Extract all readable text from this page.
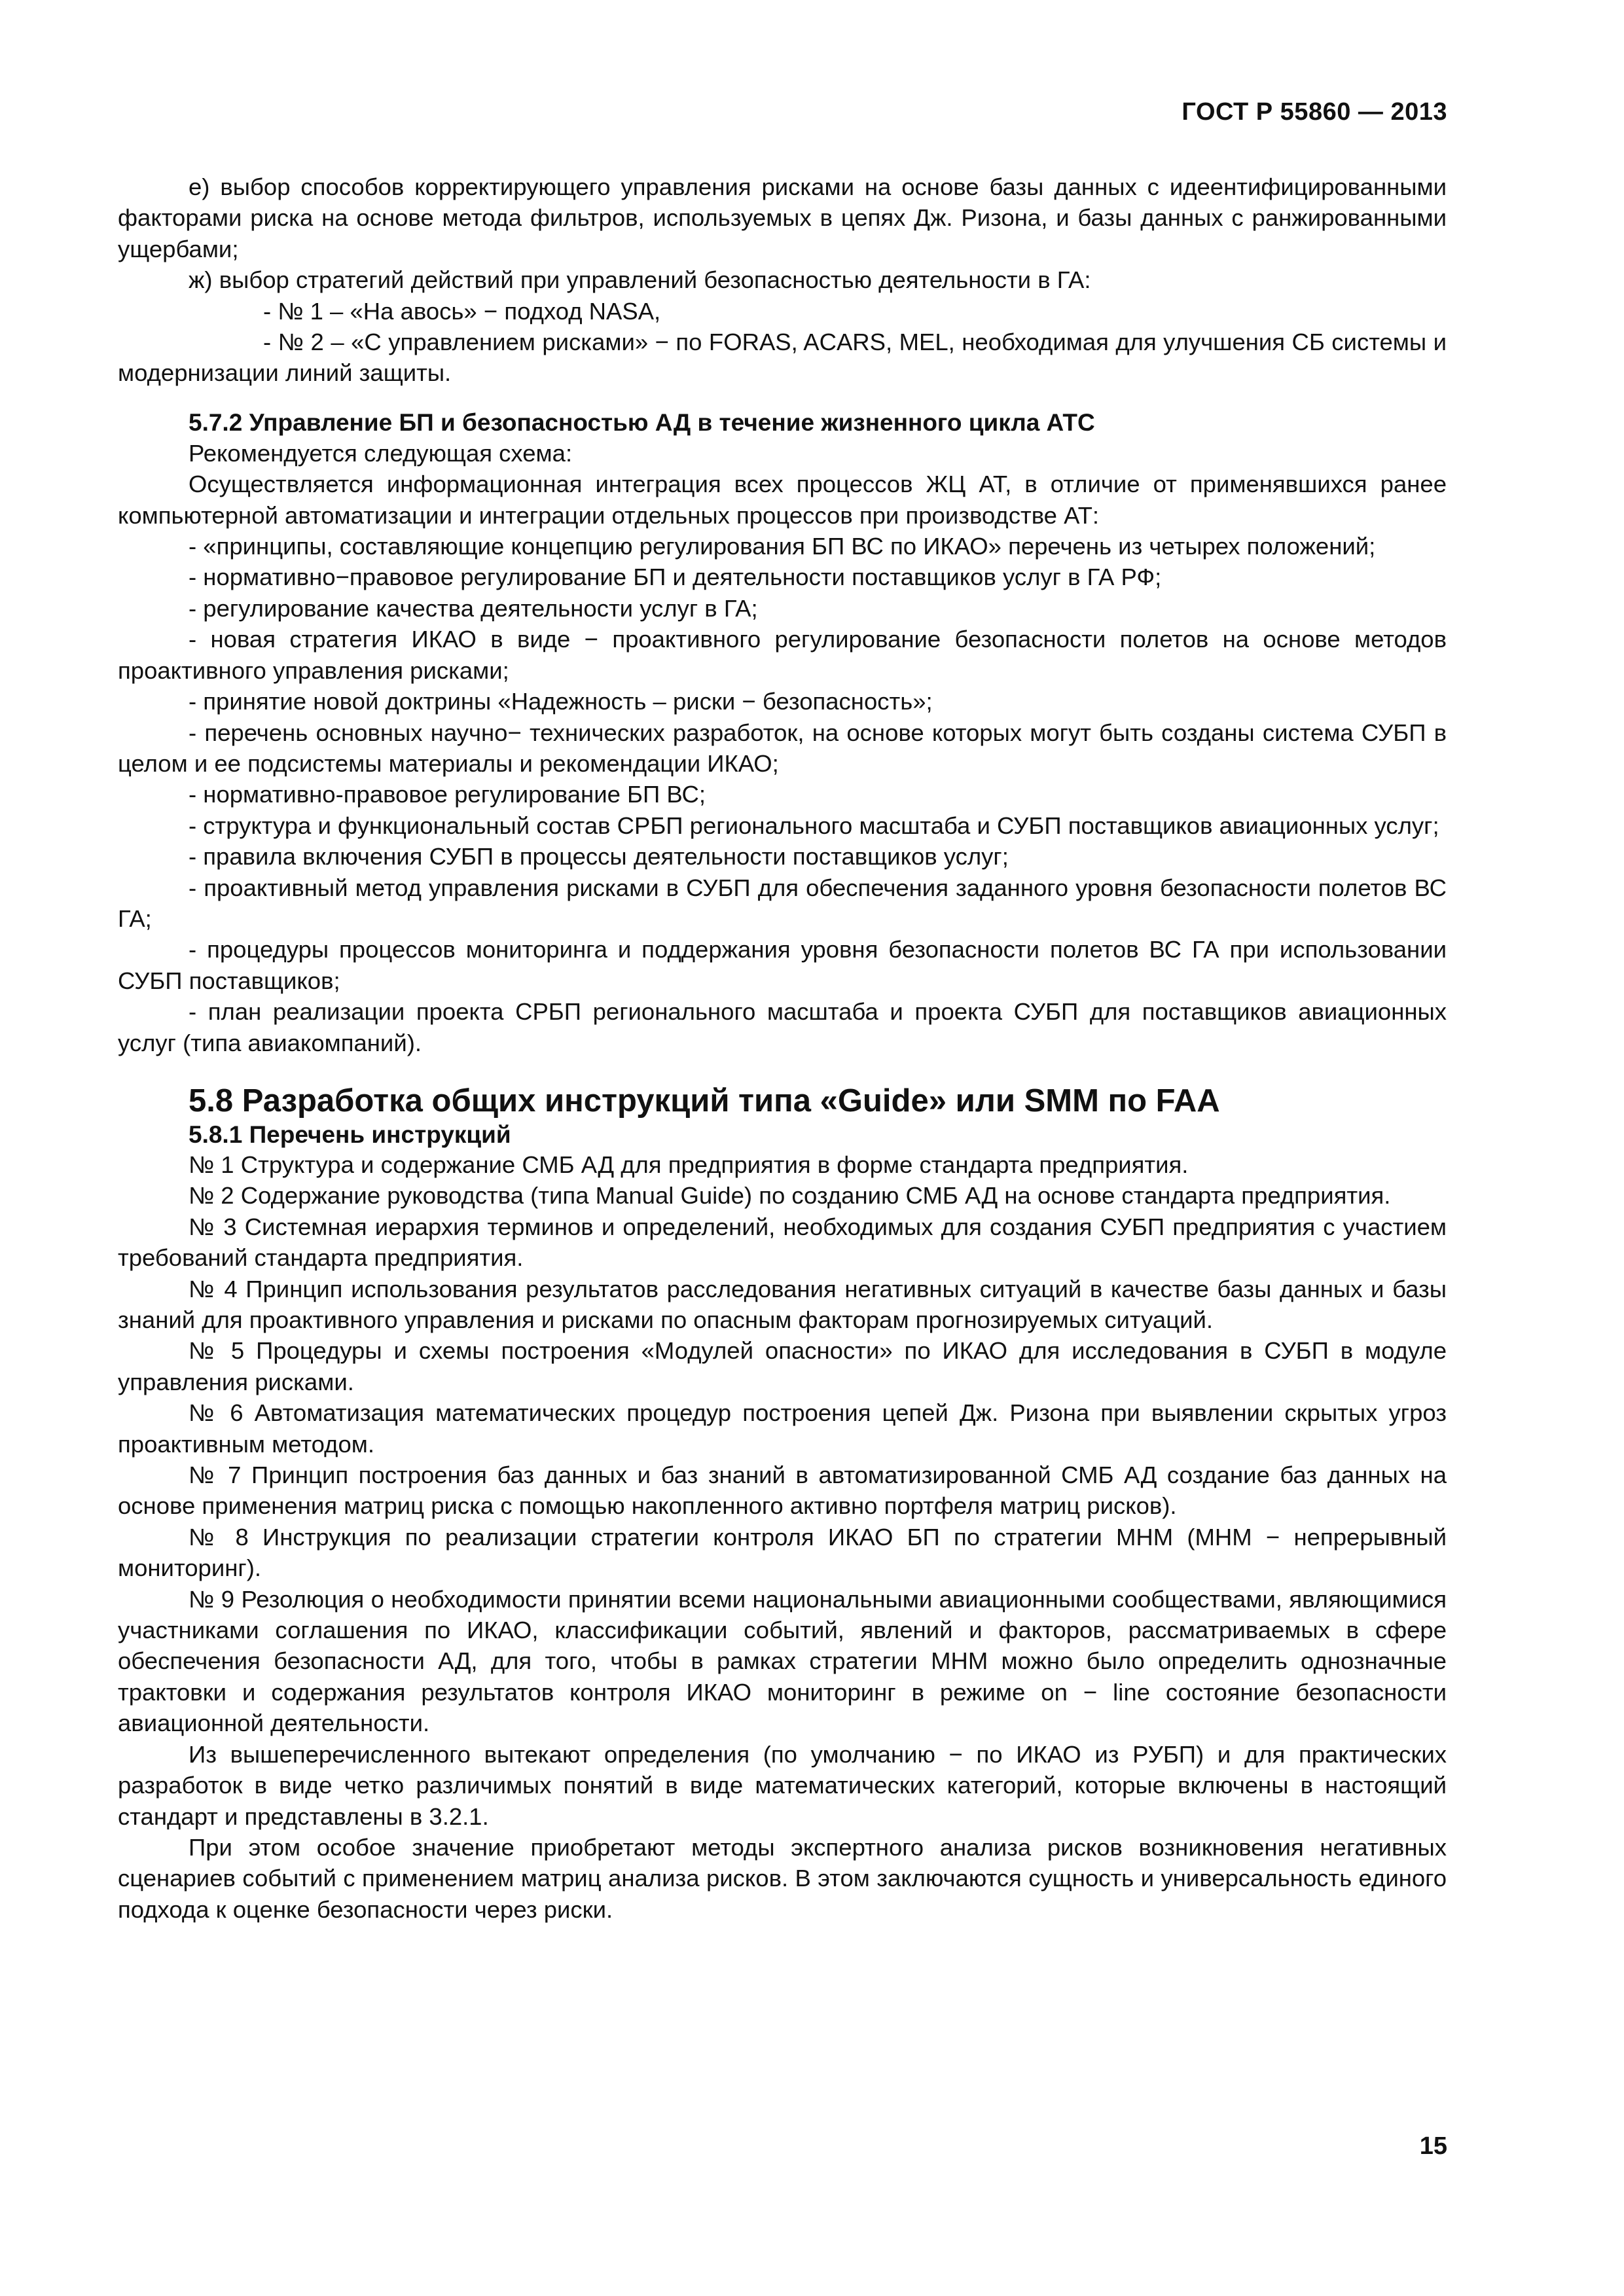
ГОСТ Р 55860 — 2013

е) выбор способов корректирующего управления рисками на основе базы данных с идеентифицированными факторами риска на основе метода фильтров, используемых в цепях Дж. Ризона, и базы данных с ранжированными ущербами;

ж) выбор стратегий действий при управлений безопасностью деятельности в ГА:

- № 1 – «На авось» − подход NASA,

- № 2 – «С управлением рисками» − по FORAS, ACARS, MEL, необходимая для улучшения СБ системы и модернизации линий защиты.

5.7.2 Управление БП и безопасностью АД в течение жизненного цикла АТС

Рекомендуется следующая схема:

Осуществляется информационная интеграция всех процессов ЖЦ АТ, в отличие от применявшихся ранее компьютерной автоматизации и интеграции отдельных процессов при производстве АТ:

- «принципы, составляющие концепцию регулирования БП ВС по ИКАО» перечень из четырех положений;

- нормативно−правовое регулирование БП и деятельности поставщиков услуг в ГА РФ;

- регулирование качества деятельности услуг в ГА;

- новая стратегия ИКАО в виде − проактивного регулирование безопасности полетов на основе методов проактивного управления рисками;

- принятие новой доктрины «Надежность – риски − безопасность»;

- перечень основных научно− технических разработок, на основе которых могут быть созданы система СУБП в целом и ее подсистемы материалы и рекомендации ИКАО;

- нормативно-правовое регулирование БП ВС;

- структура и функциональный состав СРБП регионального масштаба и СУБП поставщиков авиационных услуг;

- правила включения СУБП в процессы деятельности поставщиков услуг;

- проактивный метод управления рисками в СУБП для обеспечения заданного уровня безопасности полетов ВС ГА;

- процедуры процессов мониторинга и поддержания уровня безопасности полетов ВС ГА при использовании СУБП поставщиков;

- план реализации проекта СРБП регионального масштаба и проекта СУБП для поставщиков авиационных услуг (типа авиакомпаний).

5.8 Разработка общих инструкций типа «Guide» или SMM по FAA
5.8.1 Перечень инструкций

№ 1 Структура и содержание СМБ АД для предприятия в форме стандарта предприятия.

№ 2 Содержание руководства (типа Manual Guide) по созданию СМБ АД на основе стандарта предприятия.

№ 3 Системная иерархия терминов и определений, необходимых для создания СУБП предприятия с участием требований стандарта предприятия.

№ 4 Принцип использования результатов расследования негативных ситуаций в качестве базы данных и базы знаний для проактивного управления и рисками по опасным факторам прогнозируемых ситуаций.

№ 5 Процедуры и схемы построения «Модулей опасности» по ИКАО для исследования в СУБП в модуле управления рисками.

№ 6 Автоматизация математических процедур построения цепей Дж. Ризона при выявлении скрытых угроз проактивным методом.

№ 7 Принцип построения баз данных и баз знаний в автоматизированной СМБ АД создание баз данных на основе применения матриц риска с помощью накопленного активно портфеля матриц рисков).

№ 8 Инструкция по реализации стратегии контроля ИКАО БП по стратегии МНМ (МНМ − непрерывный мониторинг).

№ 9 Резолюция о необходимости принятии всеми национальными авиационными сообществами, являющимися участниками соглашения по ИКАО, классификации событий, явлений и факторов, рассматриваемых в сфере обеспечения безопасности АД, для того, чтобы в рамках стратегии МНМ можно было определить однозначные трактовки и содержания результатов контроля ИКАО мониторинг в режиме on − line состояние безопасности авиационной деятельности.

Из вышеперечисленного вытекают определения (по умолчанию − по ИКАО из РУБП) и для практических разработок в виде четко различимых понятий в виде математических категорий, которые включены в настоящий стандарт и представлены в 3.2.1.

При этом особое значение приобретают методы экспертного анализа рисков возникновения негативных сценариев событий с применением матриц анализа рисков. В этом заключаются сущность и универсальность единого подхода к оценке безопасности через риски.

15
